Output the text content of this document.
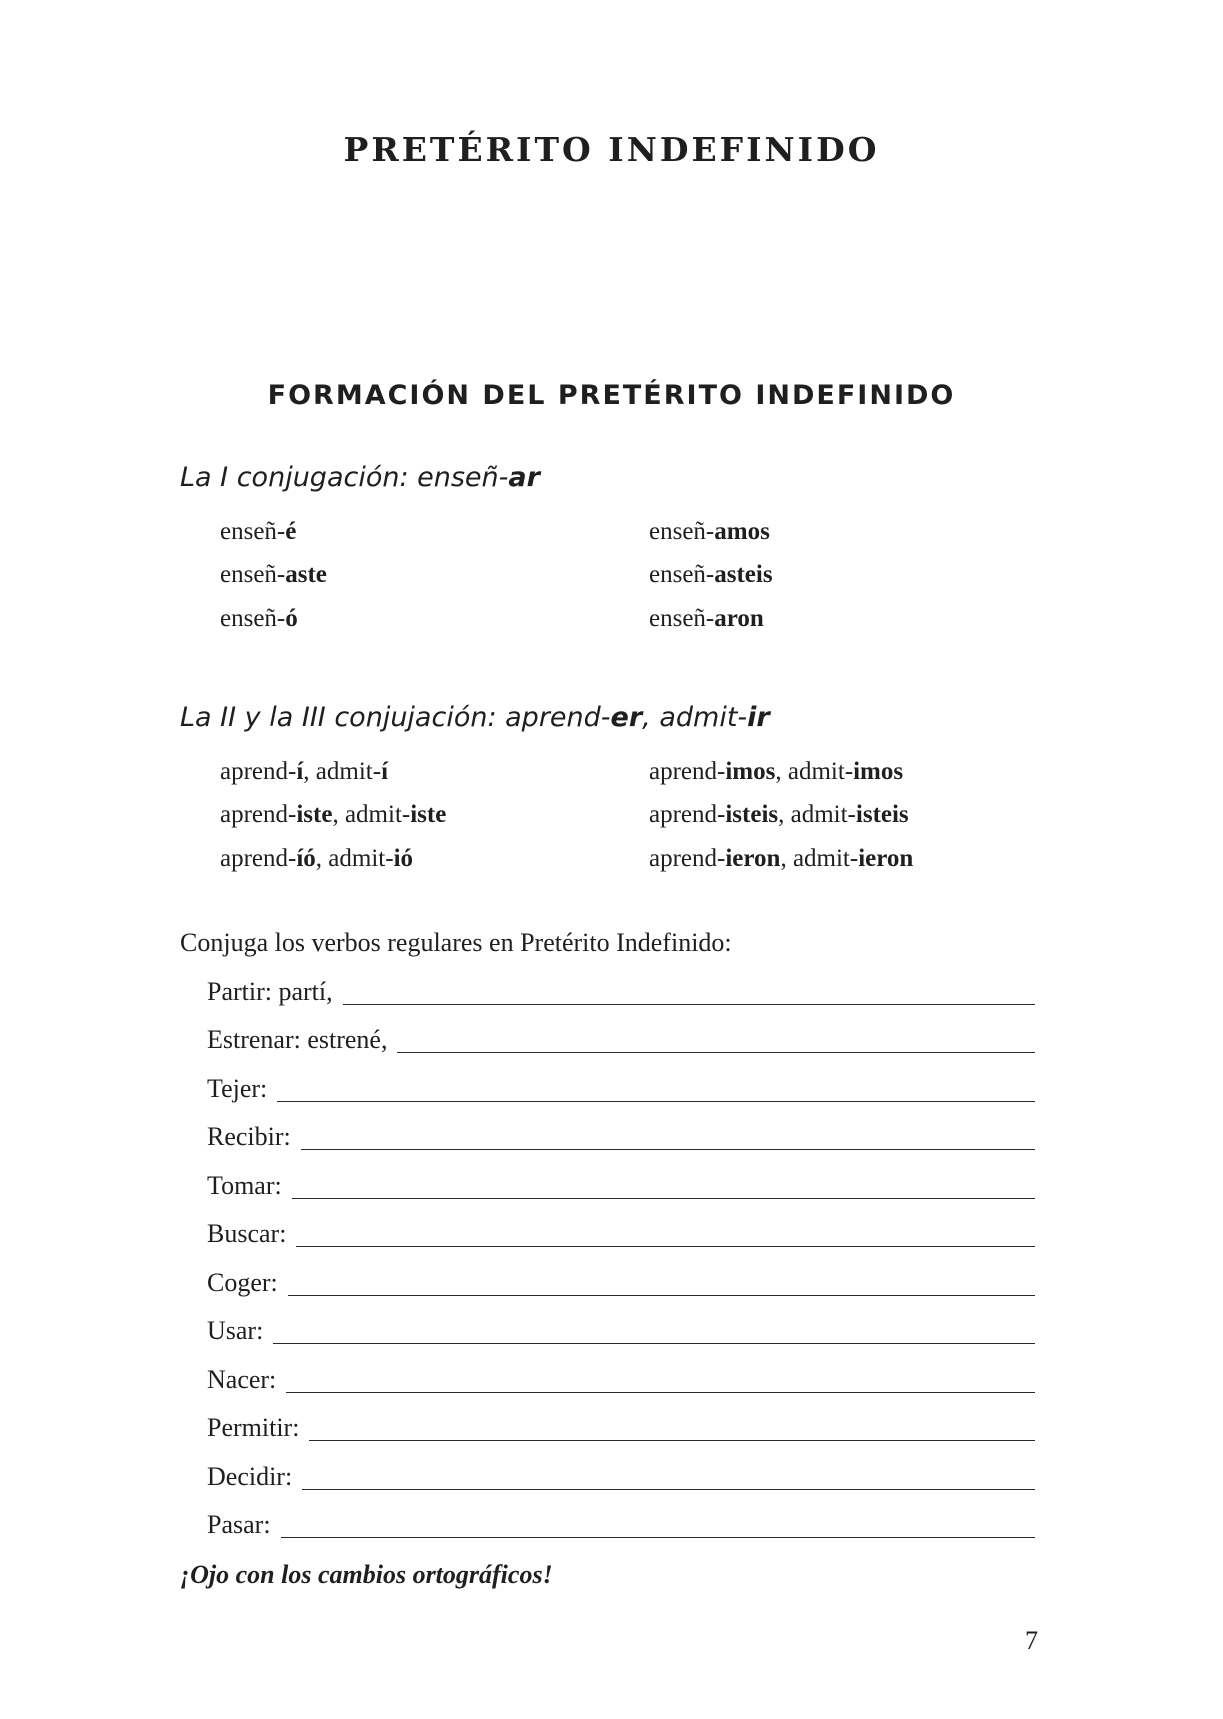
PRETÉRITO INDEFINIDO
FORMACIÓN DEL PRETÉRITO INDEFINIDO
La I conjugación: enseñ-ar
enseñ-é
enseñ-aste
enseñ-ó
enseñ-amos
enseñ-asteis
enseñ-aron
La II y la III conjujación: aprend-er, admit-ir
aprend-í, admit-í
aprend-iste, admit-iste
aprend-íó, admit-ió
aprend-imos, admit-imos
aprend-isteis, admit-isteis
aprend-ieron, admit-ieron
Conjuga los verbos regulares en Pretérito Indefinido:
Partir: partí,
Estrenar: estrené,
Tejer:
Recibir:
Tomar:
Buscar:
Coger:
Usar:
Nacer:
Permitir:
Decidir:
Pasar:
¡Ojo con los cambios ortográficos!
7
